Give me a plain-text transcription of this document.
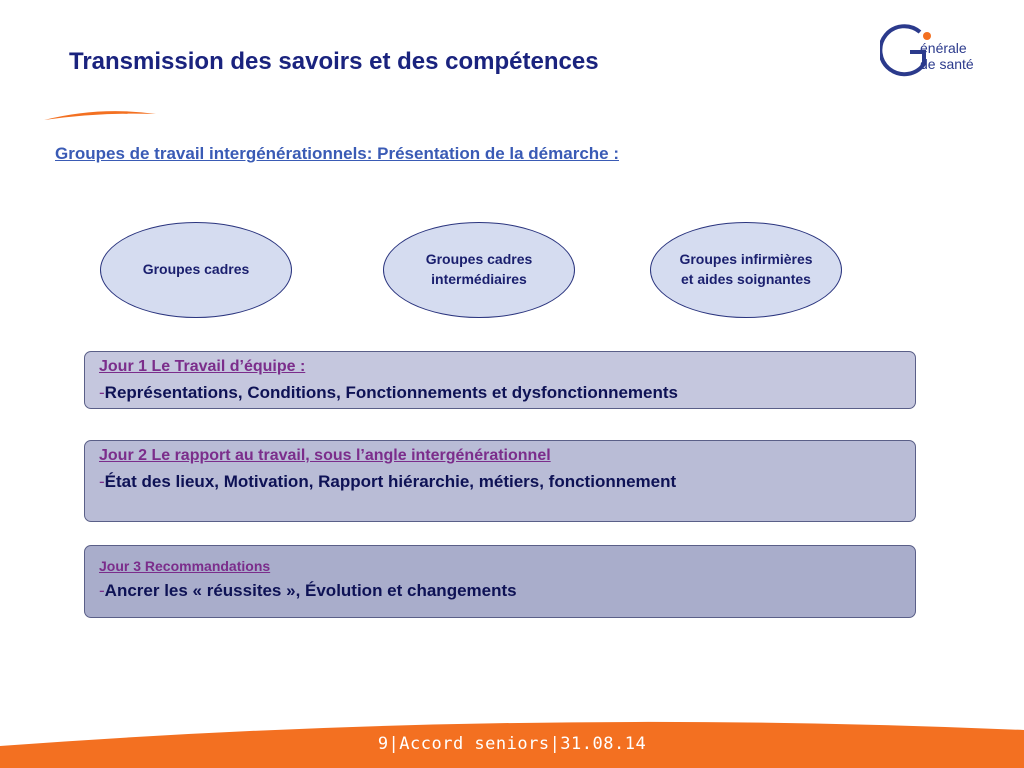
Transmission des savoirs et des compétences	énérale
de santé
Groupes de travail intergénérationnels: Présentation de la démarche :
Groupes cadres
Groupes cadres
intermédiaires
Groupes infirmières
et aides soignantes
Jour 1 Le Travail d’équipe :
-Représentations, Conditions, Fonctionnements et dysfonctionnements
Jour 2 Le rapport au travail, sous l’angle intergénérationnel
-État des lieux, Motivation, Rapport hiérarchie, métiers, fonctionnement
Jour 3 Recommandations
-Ancrer les « réussites », Évolution et changements
9|Accord seniors|31.08.14
